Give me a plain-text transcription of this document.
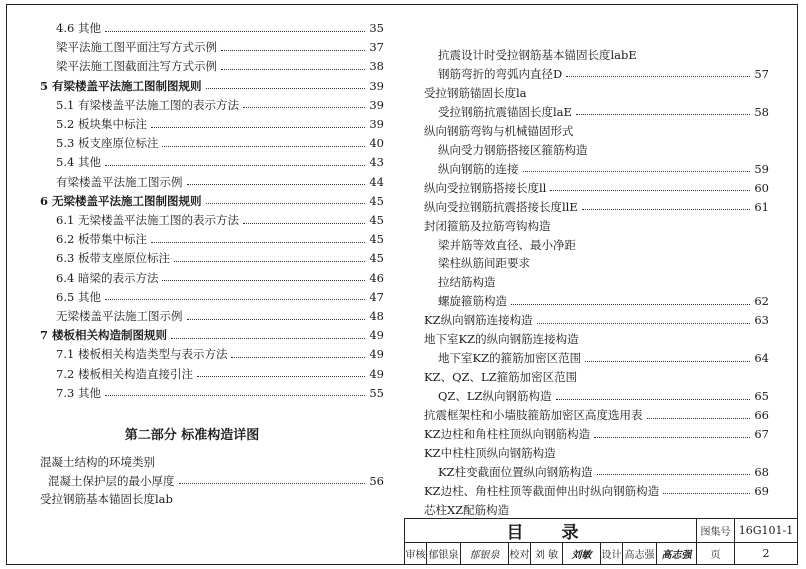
4.6 其他	35
梁平法施工图平面注写方式示例	37
梁平法施工图截面注写方式示例	38
5 有梁楼盖平法施工图制图规则	39
5.1 有梁楼盖平法施工图的表示方法	39
5.2 板块集中标注	39
5.3 板支座原位标注	40
5.4 其他	43
有梁楼盖平法施工图示例	44
6 无梁楼盖平法施工图制图规则	45
6.1 无梁楼盖平法施工图的表示方法	45
6.2 板带集中标注	45
6.3 板带支座原位标注	45
6.4 暗梁的表示方法	46
6.5 其他	47
无梁楼盖平法施工图示例	48
7 楼板相关构造制图规则	49
7.1 楼板相关构造类型与表示方法	49
7.2 楼板相关构造直接引注	49
7.3 其他	55
第二部分 标准构造详图
混凝土结构的环境类别
混凝土保护层的最小厚度	56
受拉钢筋基本锚固长度lab
抗震设计时受拉钢筋基本锚固长度labE
钢筋弯折的弯弧内直径D	57
受拉钢筋锚固长度la
受拉钢筋抗震锚固长度laE	58
纵向钢筋弯钩与机械锚固形式
纵向受力钢筋搭接区箍筋构造
纵向钢筋的连接	59
纵向受拉钢筋搭接长度ll	60
纵向受拉钢筋抗震搭接长度llE	61
封闭箍筋及拉筋弯钩构造
梁并筋等效直径、最小净距
梁柱纵筋间距要求
拉结筋构造
螺旋箍筋构造	62
KZ纵向钢筋连接构造	63
地下室KZ的纵向钢筋连接构造
地下室KZ的箍筋加密区范围	64
KZ、QZ、LZ箍筋加密区范围
QZ、LZ纵向钢筋构造	65
抗震框架柱和小墙肢箍筋加密区高度选用表	66
KZ边柱和角柱柱顶纵向钢筋构造	67
KZ中柱柱顶纵向钢筋构造
KZ柱变截面位置纵向钢筋构造	68
KZ边柱、角柱柱顶等截面伸出时纵向钢筋构造	69
芯柱XZ配筋构造
目 录	图集号 16G101-1
审核 郁银泉	郁银泉	校对 刘 敏	刘敏	设计 高志强 高志强	页	2
